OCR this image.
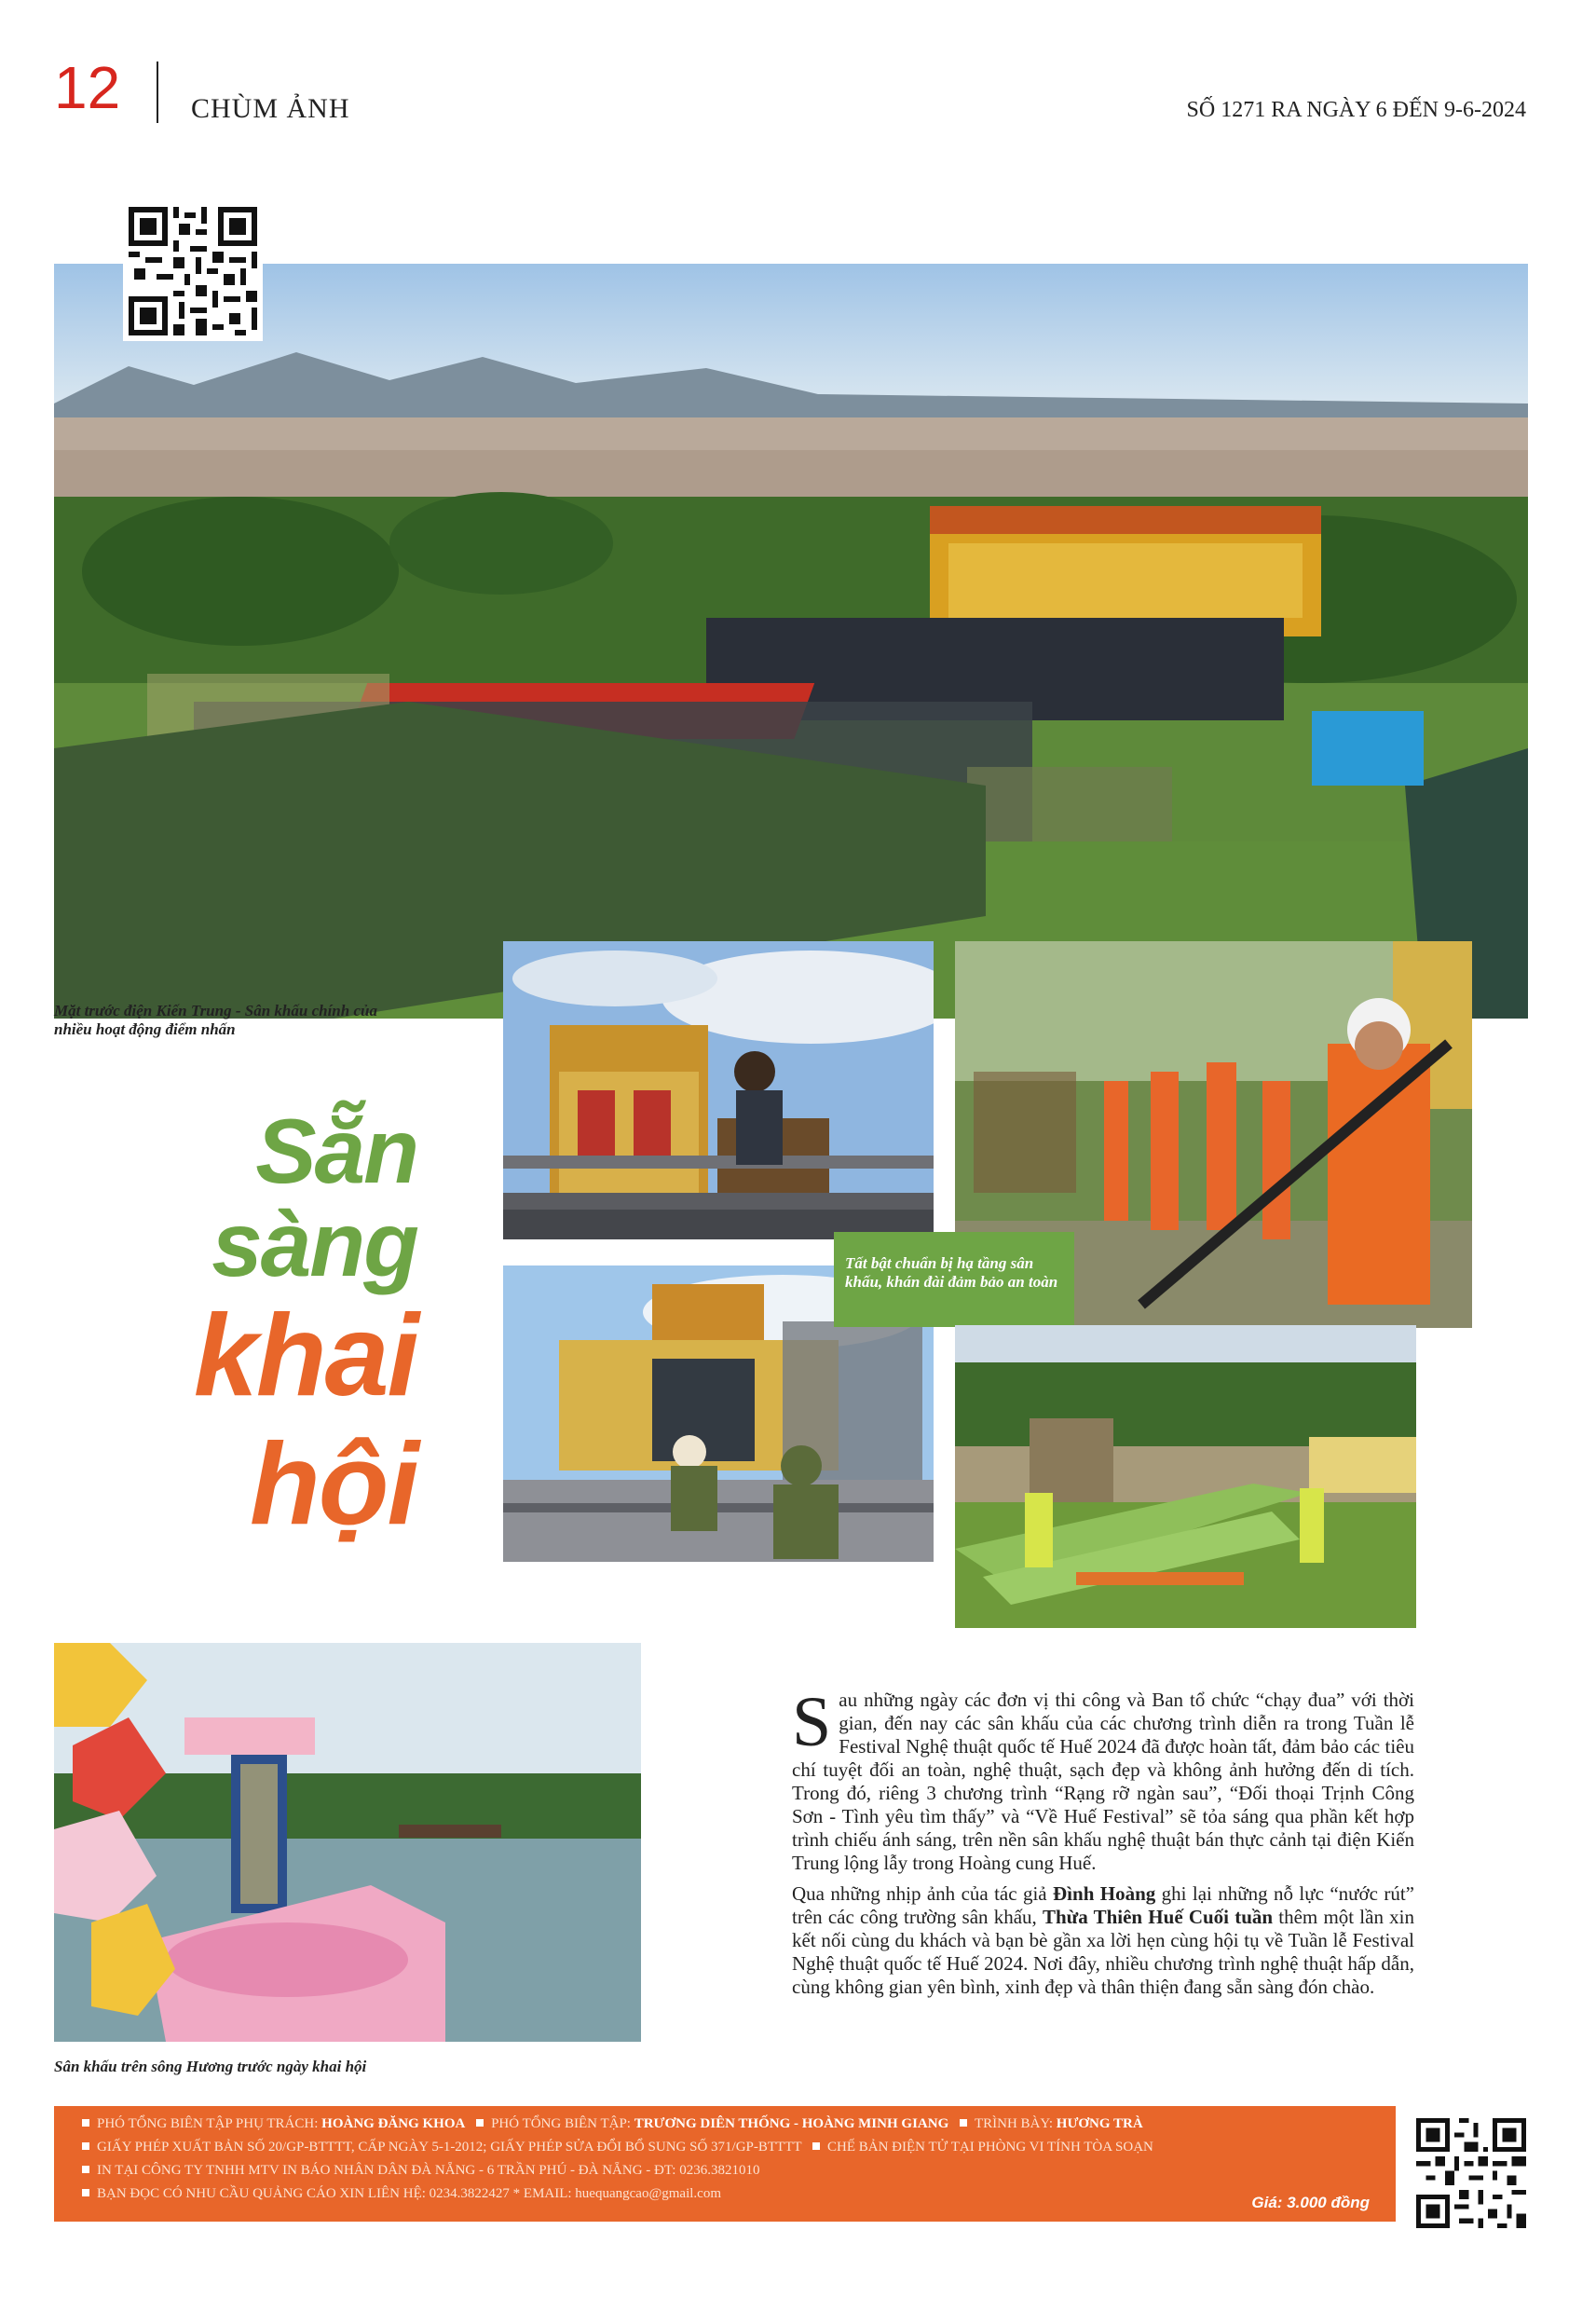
12	CHÙM ẢNH	SỐ 1271 RA NGÀY 6 ĐẾN 9-6-2024
Mặt trước điện Kiến Trung - Sân khấu chính của nhiều hoạt động điểm nhấn
Sẵn
sàng
khai
hội
Tất bật chuẩn bị hạ tầng sân khấu, khán đài đảm bảo an toàn
Sân khấu trên sông Hương trước ngày khai hội

Sau những ngày các đơn vị thi công và Ban tổ chức “chạy đua” với thời gian, đến nay các sân khấu của các chương trình diễn ra trong Tuần lễ Festival Nghệ thuật quốc tế Huế 2024 đã được hoàn tất, đảm bảo các tiêu chí tuyệt đối an toàn, nghệ thuật, sạch đẹp và không ảnh hưởng đến di tích. Trong đó, riêng 3 chương trình “Rạng rỡ ngàn sau”, “Đối thoại Trịnh Công Sơn - Tình yêu tìm thấy” và “Về Huế Festival” sẽ tỏa sáng qua phần kết hợp trình chiếu ánh sáng, trên nền sân khấu nghệ thuật bán thực cảnh tại điện Kiến Trung lộng lẫy trong Hoàng cung Huế.

Qua những nhịp ảnh của tác giả Đình Hoàng ghi lại những nỗ lực “nước rút” trên các công trường sân khấu, Thừa Thiên Huế Cuối tuần thêm một lần xin kết nối cùng du khách và bạn bè gần xa lời hẹn cùng hội tụ về Tuần lễ Festival Nghệ thuật quốc tế Huế 2024. Nơi đây, nhiều chương trình nghệ thuật hấp dẫn, cùng không gian yên bình, xinh đẹp và thân thiện đang sẵn sàng đón chào.

PHÓ TỔNG BIÊN TẬP PHỤ TRÁCH: HOÀNG ĐĂNG KHOA PHÓ TỔNG BIÊN TẬP: TRƯƠNG DIÊN THỐNG - HOÀNG MINH GIANG TRÌNH BÀY: HƯƠNG TRÀ
GIẤY PHÉP XUẤT BẢN SỐ 20/GP-BTTTT, CẤP NGÀY 5-1-2012; GIẤY PHÉP SỬA ĐỔI BỔ SUNG SỐ 371/GP-BTTTT CHẾ BẢN ĐIỆN TỬ TẠI PHÒNG VI TÍNH TÒA SOẠN
IN TẠI CÔNG TY TNHH MTV IN BÁO NHÂN DÂN ĐÀ NẴNG - 6 TRẦN PHÚ - ĐÀ NẴNG - ĐT: 0236.3821010
BẠN ĐỌC CÓ NHU CẦU QUẢNG CÁO XIN LIÊN HỆ: 0234.3822427 * EMAIL: huequangcao@gmail.com	Giá: 3.000 đồng
